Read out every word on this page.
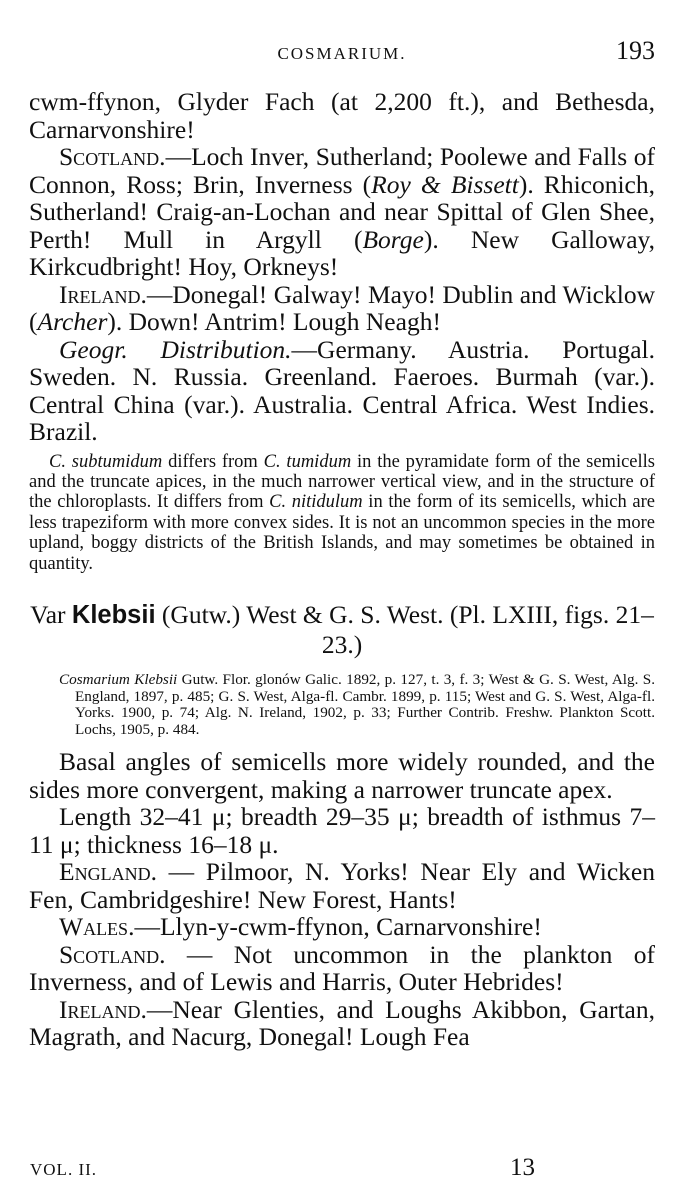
COSMARIUM.	193

cwm-ffynon, Glyder Fach (at 2,200 ft.), and Bethesda, Carnarvonshire!

Scotland.—Loch Inver, Sutherland; Poolewe and Falls of Connon, Ross; Brin, Inverness (Roy & Bissett). Rhiconich, Sutherland! Craig-an-Lochan and near Spittal of Glen Shee, Perth! Mull in Argyll (Borge). New Galloway, Kirkcudbright! Hoy, Orkneys!

Ireland.—Donegal! Galway! Mayo! Dublin and Wicklow (Archer). Down! Antrim! Lough Neagh!

Geogr. Distribution.—Germany. Austria. Portugal. Sweden. N. Russia. Greenland. Faeroes. Burmah (var.). Central China (var.). Australia. Central Africa. West Indies. Brazil.

C. subtumidum differs from C. tumidum in the pyramidate form of the semicells and the truncate apices, in the much narrower vertical view, and in the structure of the chloroplasts. It differs from C. nitidulum in the form of its semicells, which are less trapeziform with more convex sides. It is not an uncommon species in the more upland, boggy districts of the British Islands, and may sometimes be obtained in quantity.

Var Klebsii (Gutw.) West & G. S. West. (Pl. LXIII, figs. 21–23.)

Cosmarium Klebsii Gutw. Flor. glonów Galic. 1892, p. 127, t. 3, f. 3; West & G. S. West, Alg. S. England, 1897, p. 485; G. S. West, Alga-fl. Cambr. 1899, p. 115; West and G. S. West, Alga-fl. Yorks. 1900, p. 74; Alg. N. Ireland, 1902, p. 33; Further Contrib. Freshw. Plankton Scott. Lochs, 1905, p. 484.

Basal angles of semicells more widely rounded, and the sides more convergent, making a narrower truncate apex.

Length 32–41 μ; breadth 29–35 μ; breadth of isthmus 7–11 μ; thickness 16–18 μ.

England. — Pilmoor, N. Yorks! Near Ely and Wicken Fen, Cambridgeshire! New Forest, Hants!

Wales.—Llyn-y-cwm-ffynon, Carnarvonshire!

Scotland. — Not uncommon in the plankton of Inverness, and of Lewis and Harris, Outer Hebrides!

Ireland.—Near Glenties, and Loughs Akibbon, Gartan, Magrath, and Nacurg, Donegal! Lough Fea

VOL. II.	13
